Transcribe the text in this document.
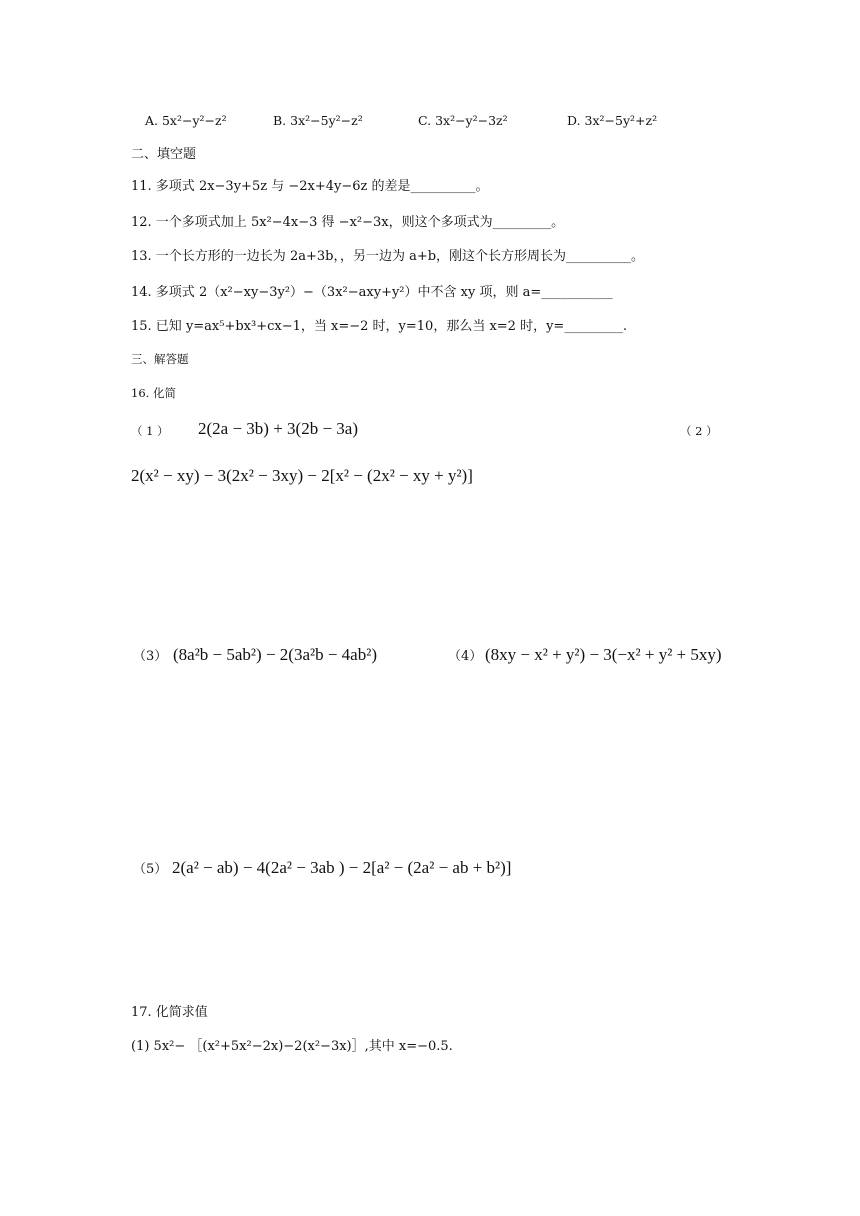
A. 5x²−y²−z²	B. 3x²−5y²−z²	C. 3x²−y²−3z²	D. 3x²−5y²+z²
二、填空题
11. 多项式 2x−3y+5z 与 −2x+4y−6z 的差是__________。
12. 一个多项式加上 5x²−4x−3 得 −x²−3x，则这个多项式为_________。
13. 一个长方形的一边长为 2a+3b，，另一边为 a+b，刚这个长方形周长为__________。
14. 多项式 2（x²−xy−3y²）−（3x²−axy+y²）中不含 xy 项，则 a=___________
15. 已知 y=ax⁵+bx³+cx−1，当 x=−2 时，y=10，那么当 x=2 时，y=_________.
三、解答题
16. 化简
（ 1 ） 2(2a − 3b) + 3(2b − 3a)	（ 2 ）
2(x² − xy) − 3(2x² − 3xy) − 2[x² − (2x² − xy + y²)]
（3） (8a²b − 5ab²) − 2(3a²b − 4ab²)	（4） (8xy − x² + y²) − 3(−x² + y² + 5xy)
（5） 2(a² − ab) − 4(2a² − 3ab ) − 2[a² − (2a² − ab + b²)]
17. 化简求值
(1) 5x²− ［(x²+5x²−2x)−2(x²−3x)］,其中 x=−0.5.
